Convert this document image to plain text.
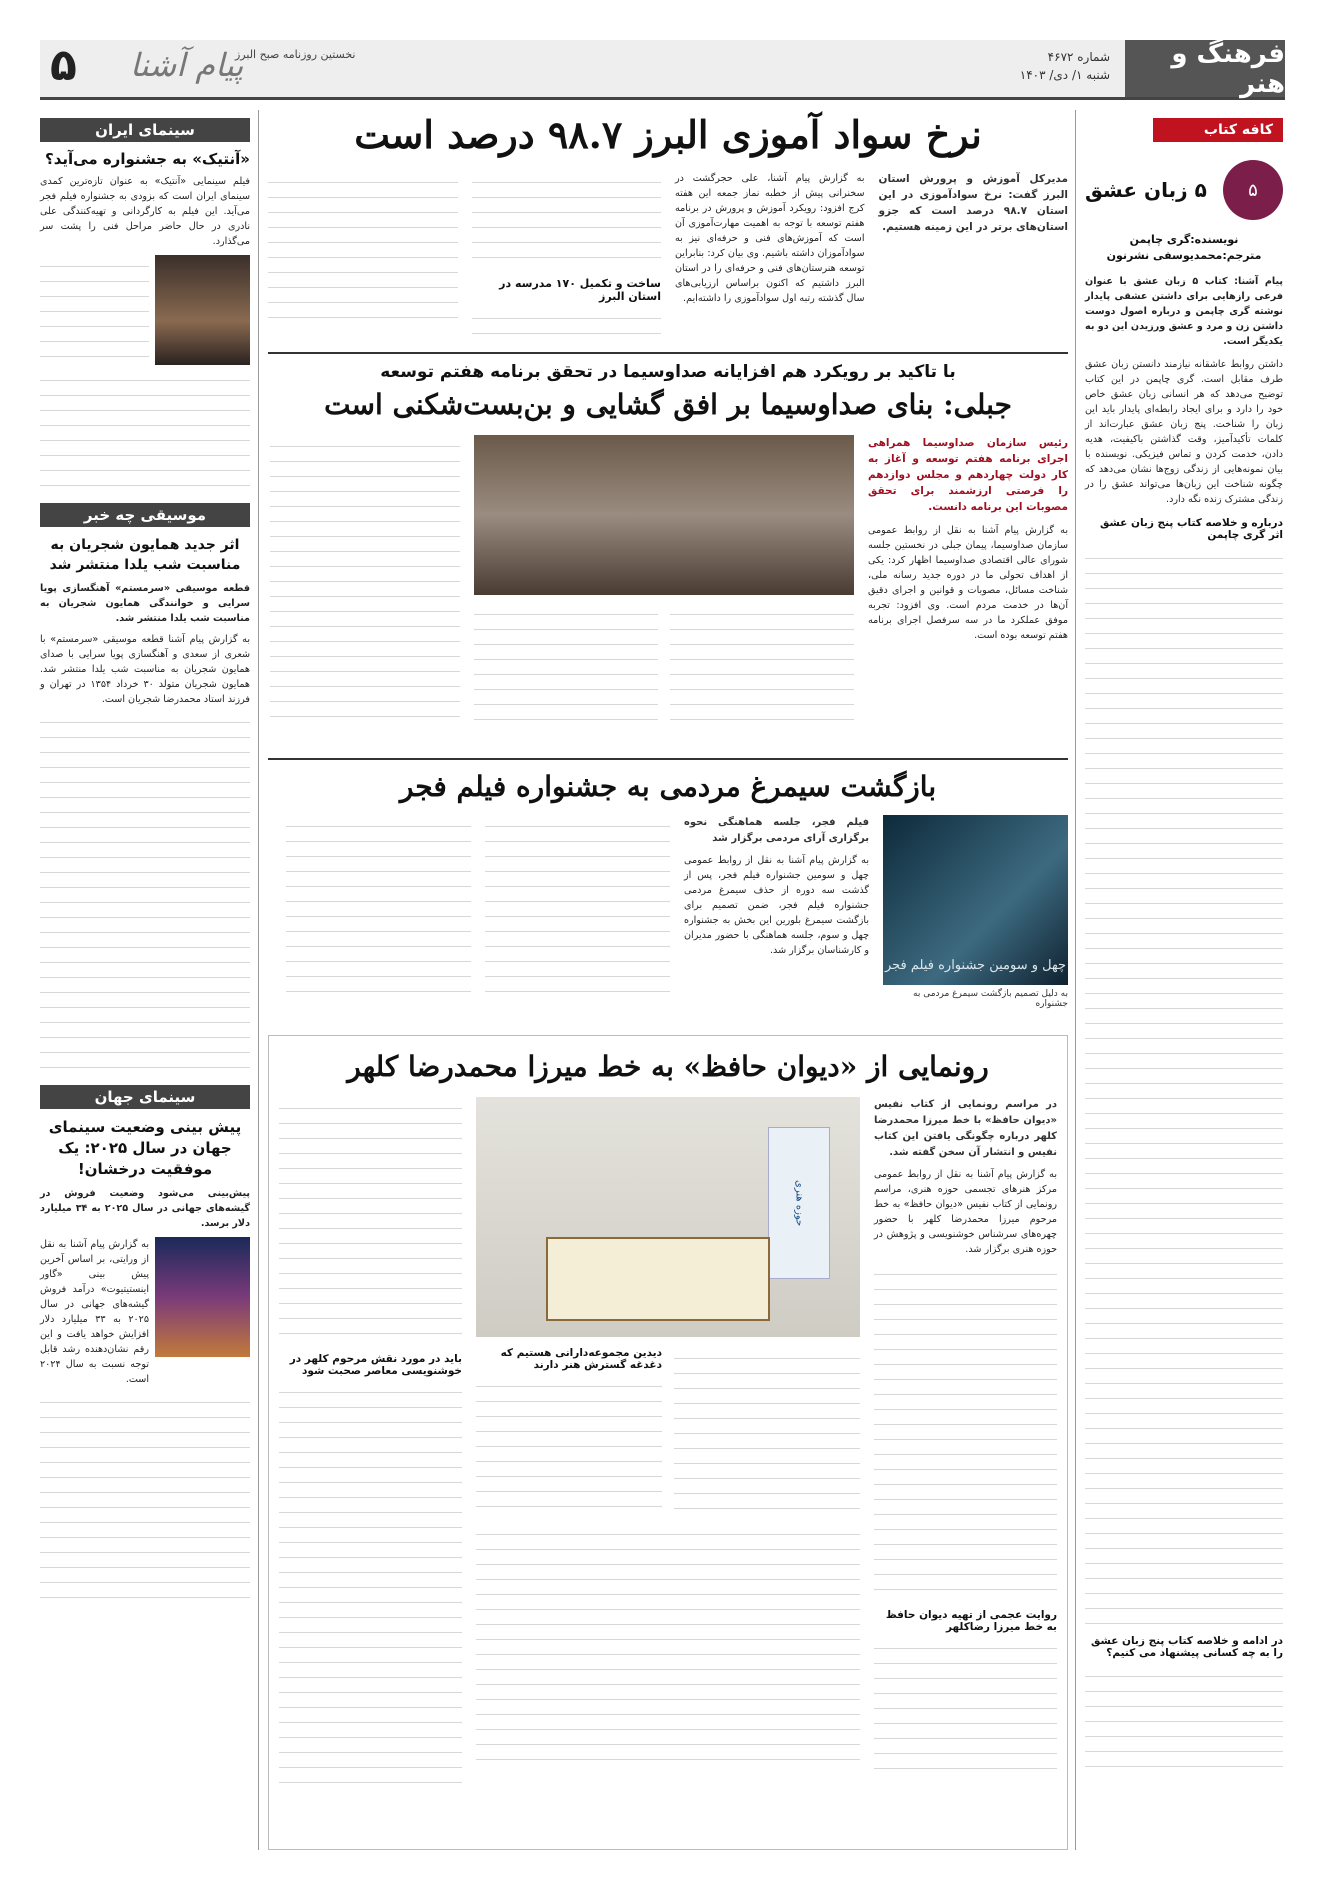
فرهنگ و هنر
شماره ۴۶۷۲
شنبه ۱/ دی/ ۱۴۰۳
۵ پیام آشنا
نخستین روزنامه صبح البرز
کافه کتاب
۵
۵ زبان عشق
نویسنده:گری چاپمن مترجم:محمدیوسفی نشرنون
پیام آشنا: کتاب ۵ زبان عشق با عنوان فرعی رازهایی برای داشتن عشقی پایدار نوشته گری چاپمن و درباره اصول دوست داشتن زن و مرد و عشق ورزیدن این دو به یکدیگر است.
داشتن روابط عاشقانه نیازمند دانستن زبان عشق طرف مقابل است. گری چاپمن در این کتاب توضیح می‌دهد که هر انسانی زبان عشق خاص خود را دارد و برای ایجاد رابطه‌ای پایدار باید این زبان را شناخت. پنج زبان عشق عبارت‌اند از کلمات تأکیدآمیز، وقت گذاشتن باکیفیت، هدیه دادن، خدمت کردن و تماس فیزیکی. نویسنده با بیان نمونه‌هایی از زندگی زوج‌ها نشان می‌دهد که چگونه شناخت این زبان‌ها می‌تواند عشق را در زندگی مشترک زنده نگه دارد.
درباره و خلاصه کتاب پنج زبان عشق اثر گری چاپمن
در ادامه و خلاصه کتاب پنج زبان عشق را به چه کسانی پیشنهاد می کنیم؟
نرخ سواد آموزی البرز ۹۸.۷ درصد است
مدیرکل آموزش و پرورش استان البرز گفت: نرخ سوادآموزی در این استان ۹۸.۷ درصد است که جزو استان‌های برتر در این زمینه هستیم.
به گزارش پیام آشنا، علی حجرگشت در سخنرانی پیش از خطبه نماز جمعه این هفته کرج افزود: رویکرد آموزش و پرورش در برنامه هفتم توسعه با توجه به اهمیت مهارت‌آموزی آن است که آموزش‌های فنی و حرفه‌ای نیز به سوادآموزان داشته باشیم. وی بیان کرد: بنابراین توسعه هنرستان‌های فنی و حرفه‌ای را در استان البرز داشتیم که اکنون براساس ارزیابی‌های سال گذشته رتبه اول سوادآموزی را داشته‌ایم.
ساخت و تکمیل ۱۷۰ مدرسه در استان البرز
با تاکید بر رویکرد هم افزایانه صداوسیما در تحقق برنامه هفتم توسعه
جبلی: بنای صداوسیما بر افق گشایی و بن‌بست‌شکنی است
رئیس سازمان صداوسیما همراهی اجرای برنامه هفتم توسعه و آغاز به کار دولت چهاردهم و مجلس دوازدهم را فرصتی ارزشمند برای تحقق مصوبات این برنامه دانست.
به گزارش پیام آشنا به نقل از روابط عمومی سازمان صداوسیما، پیمان جبلی در نخستین جلسه شورای عالی اقتصادی صداوسیما اظهار کرد: یکی از اهداف تحولی ما در دوره جدید رسانه ملی، شناخت مسائل، مصوبات و قوانین و اجرای دقیق آن‌ها در خدمت مردم است. وی افزود: تجربه موفق عملکرد ما در سه سرفصل اجرای برنامه هفتم توسعه بوده است.
بازگشت سیمرغ مردمی به جشنواره فیلم فجر
چهل و سومین جشنواره فیلم فجر
به دلیل تصمیم بازگشت سیمرغ مردمی به جشنواره
فیلم فجر، جلسه هماهنگی نحوه برگزاری آرای مردمی برگزار شد
به گزارش پیام آشنا به نقل از روابط عمومی چهل و سومین جشنواره فیلم فجر، پس از گذشت سه دوره از حذف سیمرغ مردمی جشنواره فیلم فجر، ضمن تصمیم برای بازگشت سیمرغ بلورین این بخش به جشنواره چهل و سوم، جلسه هماهنگی با حضور مدیران و کارشناسان برگزار شد.
رونمایی از «دیوان حافظ» به خط میرزا محمدرضا کلهر
در مراسم رونمایی از کتاب نفیس «دیوان حافظ» با خط میرزا محمدرضا کلهر درباره چگونگی یافتن این کتاب نفیس و انتشار آن سخن گفته شد.
به گزارش پیام آشنا به نقل از روابط عمومی مرکز هنرهای تجسمی حوزه هنری، مراسم رونمایی از کتاب نفیس «دیوان حافظ» به خط مرحوم میرزا محمدرضا کلهر با حضور چهره‌های سرشناس خوشنویسی و پژوهش در حوزه هنری برگزار شد.
روایت عجمی از تهیه دیوان حافظ به خط میرزا رضاکلهر
حوزه هنری
دیدین مجموعه‌دارانی هستیم که دغدغه گسترش هنر دارند
باید در مورد نقش مرحوم کلهر در خوشنویسی معاصر صحبت شود
سینمای ایران
«آنتیک» به جشنواره می‌آید؟
فیلم سینمایی «آنتیک» به عنوان تازه‌ترین کمدی سینمای ایران است که بزودی به جشنواره فیلم فجر می‌آید. این فیلم به کارگردانی و تهیه‌کنندگی علی نادری در حال حاضر مراحل فنی را پشت سر می‌گذارد.
موسیقی چه خبر
اثر جدید همایون شجریان به مناسبت شب یلدا منتشر شد
قطعه موسیقی «سرمستم» آهنگسازی پویا سرایی و خوانندگی همایون شجریان به مناسبت شب یلدا منتشر شد.
به گزارش پیام آشنا قطعه موسیقی «سرمستم» با شعری از سعدی و آهنگسازی پویا سرایی با صدای همایون شجریان به مناسبت شب یلدا منتشر شد. همایون شجریان متولد ۳۰ خرداد ۱۳۵۴ در تهران و فرزند استاد محمدرضا شجریان است.
سینمای جهان
پیش بینی وضعیت سینمای جهان در سال ۲۰۲۵: یک موفقیت درخشان!
پیش‌بینی می‌شود وضعیت فروش در گیشه‌های جهانی در سال ۲۰۲۵ به ۳۴ میلیارد دلار برسد.
به گزارش پیام آشنا به نقل از ورایتی، بر اساس آخرین پیش بینی «گاور اینستیتیوت» درآمد فروش گیشه‌های جهانی در سال ۲۰۲۵ به ۳۳ میلیارد دلار افزایش خواهد یافت و این رقم نشان‌دهنده رشد قابل توجه نسبت به سال ۲۰۲۴ است.
